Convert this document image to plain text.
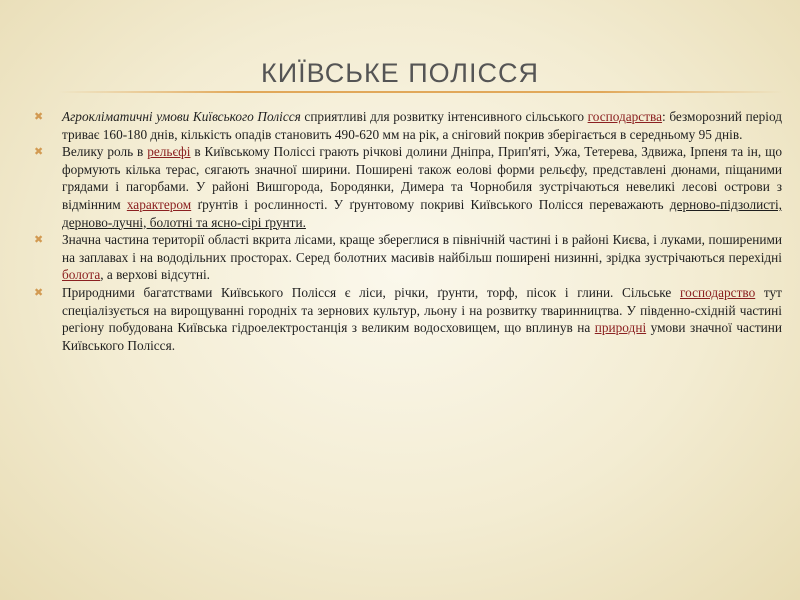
КИЇВСЬКЕ ПОЛІССЯ

✖ Агрокліматичні умови Київського Полісся сприятливі для розвитку інтенсивного сільського господарства: безморозний період триває 160-180 днів, кількість опадів становить 490-620 мм на рік, а сніговий покрив зберігається в середньому 95 днів.

✖ Велику роль в рельєфі в Київському Поліссі грають річкові долини Дніпра, Прип'яті, Ужа, Тетерева, Здвижа, Ірпеня та ін, що формують кілька терас, сягають значної ширини. Поширені також еолові форми рельєфу, представлені дюнами, піщаними грядами і пагорбами. У районі Вишгорода, Бородянки, Димера та Чорнобиля зустрічаються невеликі лесові острови з відмінним характером ґрунтів і рослинності. У ґрунтовому покриві Київського Полісся переважають дерново-підзолисті, дерново-лучні, болотні та ясно-сірі ґрунти.

✖ Значна частина території області вкрита лісами, краще збереглися в північній частині і в районі Києва, і луками, поширеними на заплавах і на вододільних просторах. Серед болотних масивів найбільш поширені низинні, зрідка зустрічаються перехідні болота, а верхові відсутні.

✖ Природними багатствами Київського Полісся є ліси, річки, ґрунти, торф, пісок і глини. Сільське господарство тут спеціалізується на вирощуванні городніх та зернових культур, льону і на розвитку тваринництва. У південно-східній частині регіону побудована Київська гідроелектростанція з великим водосховищем, що вплинув на природні умови значної частини Київського Полісся.
